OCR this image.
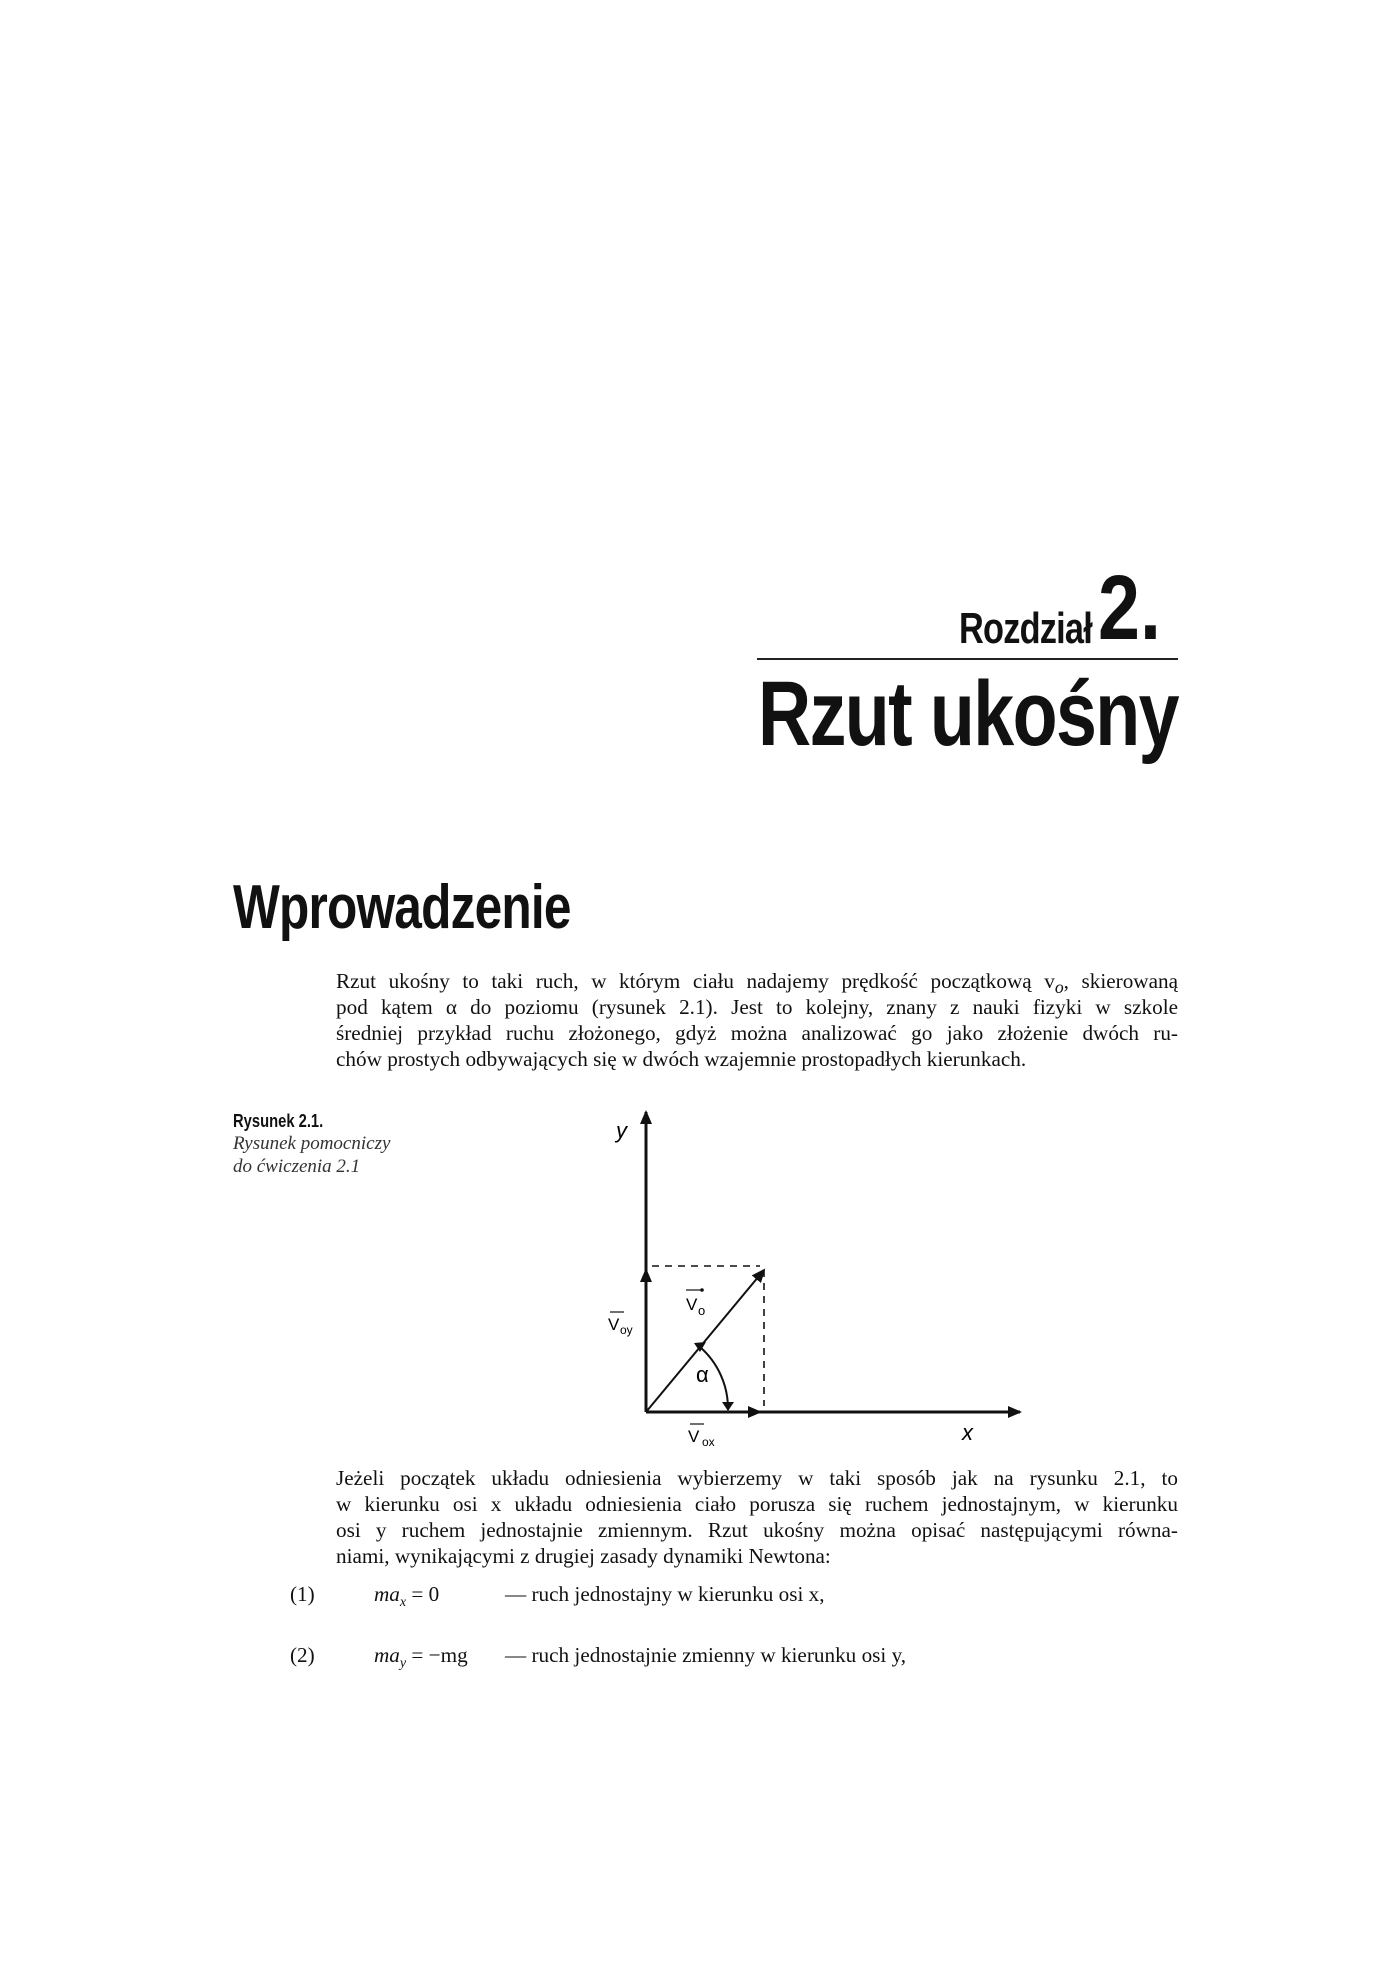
Rozdział 2.
Rzut ukośny
Wprowadzenie

Rzut ukośny to taki ruch, w którym ciału nadajemy prędkość początkową $v_o$, skierowaną
pod kątem α do poziomu (rysunek 2.1). Jest to kolejny, znany z nauki fizyki w szkole
średniej przykład ruchu złożonego, gdyż można analizować go jako złożenie dwóch ru-
chów prostych odbywających się w dwóch wzajemnie prostopadłych kierunkach.

Rysunek 2.1.
Rysunek pomocniczy
do ćwiczenia 2.1
y
x
V o
V oy
V ox
α

Jeżeli początek układu odniesienia wybierzemy w taki sposób jak na rysunku 2.1, to
w kierunku osi x układu odniesienia ciało porusza się ruchem jednostajnym, w kierunku
osi y ruchem jednostajnie zmiennym. Rzut ukośny można opisać następującymi równa-
niami, wynikającymi z drugiej zasady dynamiki Newtona:

(1)	$ma_x = 0$	— ruch jednostajny w kierunku osi x,
(2)	$ma_y = -mg$ — ruch jednostajnie zmienny w kierunku osi y,
